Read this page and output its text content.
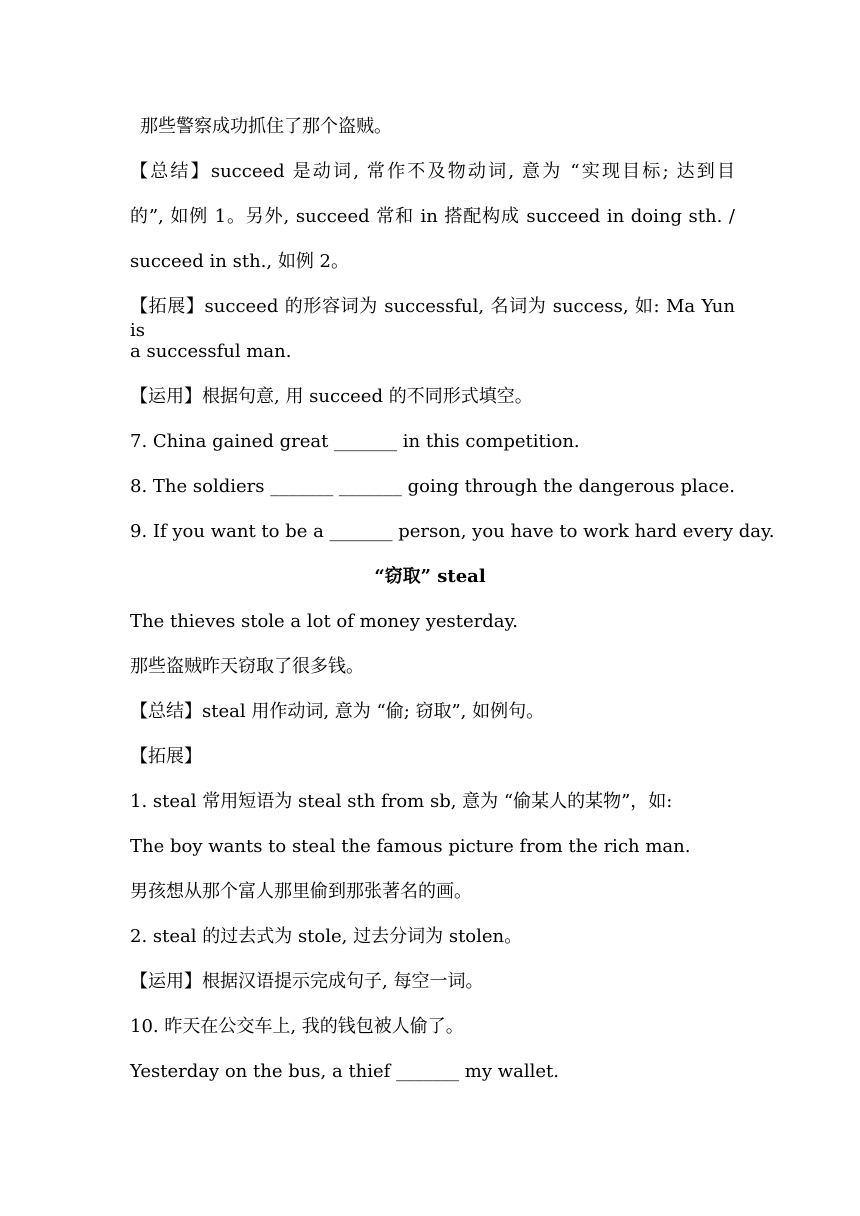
那些警察成功抓住了那个盗贼。
【总结】succeed 是动词, 常作不及物动词, 意为 “实现目标; 达到目
的”, 如例 1。另外, succeed 常和 in 搭配构成 succeed in doing sth. /
succeed in sth., 如例 2。
【拓展】succeed 的形容词为 successful, 名词为 success, 如: Ma Yun is
a successful man.
【运用】根据句意, 用 succeed 的不同形式填空。
7. China gained great _______ in this competition.
8. The soldiers _______ _______ going through the dangerous place.
9. If you want to be a _______ person, you have to work hard every day.
“窃取” steal
The thieves stole a lot of money yesterday.
那些盗贼昨天窃取了很多钱。
【总结】steal 用作动词, 意为 “偷; 窃取”, 如例句。
【拓展】
1. steal 常用短语为 steal sth from sb, 意为 “偷某人的某物”，如:
The boy wants to steal the famous picture from the rich man.
男孩想从那个富人那里偷到那张著名的画。
2. steal 的过去式为 stole, 过去分词为 stolen。
【运用】根据汉语提示完成句子, 每空一词。
10. 昨天在公交车上, 我的钱包被人偷了。
Yesterday on the bus, a thief _______ my wallet.
